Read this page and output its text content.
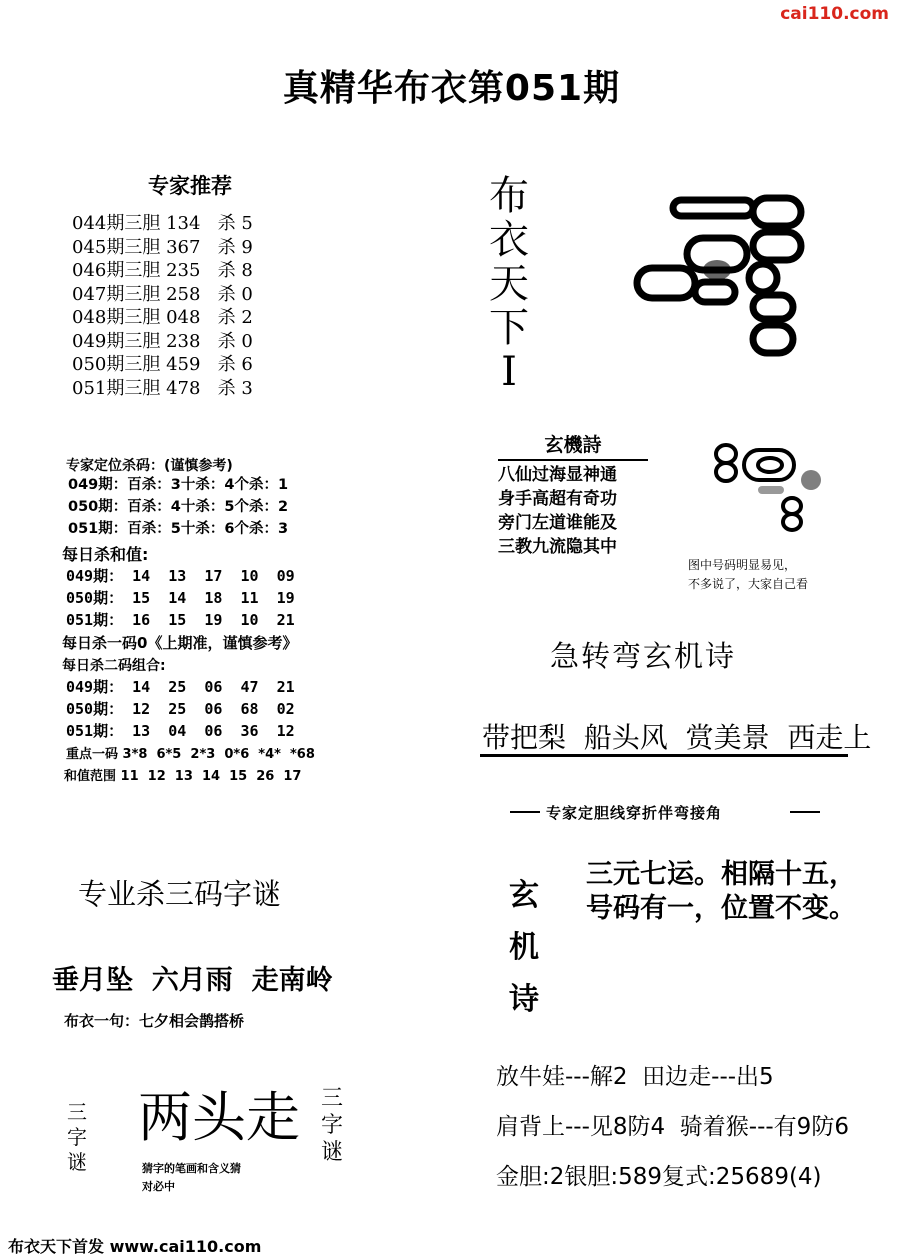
cai110.com
真精华布衣第051期
专家推荐
044期三胆 134   杀 5
045期三胆 367   杀 9
046期三胆 235   杀 8
047期三胆 258   杀 0
048期三胆 048   杀 2
049期三胆 238   杀 0
050期三胆 459   杀 6
051期三胆 478   杀 3
专家定位杀码：(谨慎参考)
049期：百杀：3十杀：4个杀：1
050期：百杀：4十杀：5个杀：2
051期：百杀：5十杀：6个杀：3
每日杀和值:
049期： 14  13  17  10  09
050期： 15  14  18  11  19
051期： 16  15  19  10  21
每日杀一码0《上期准，谨慎参考》
每日杀二码组合:
049期： 14  25  06  47  21
050期： 12  25  06  68  02
051期： 13  04  06  36  12
重点一码 3*8  6*5  2*3  0*6  *4*  *68
和值范围 11  12  13  14  15  26  17
专业杀三码字谜
垂月坠  六月雨  走南岭
布衣一句：七夕相会鹊搭桥
三
字
谜
两头走 三
字
谜
猜字的笔画和含义猜
对必中
布衣天下首发 www.cai110.com
布
衣
天
下
I
玄機詩
八仙过海显神通
身手高超有奇功
旁门左道谁能及
三教九流隐其中
图中号码明显易见，
不多说了，大家自己看
急转弯玄机诗
带把梨  船头风  赏美景  西走上
专家定胆线穿折伴弯接角
玄
机
诗
三元七运。相隔十五，
号码有一，位置不变。
放牛娃---解2  田边走---出5
肩背上---见8防4  骑着猴---有9防6
金胆:2银胆:589复式:25689(4)
